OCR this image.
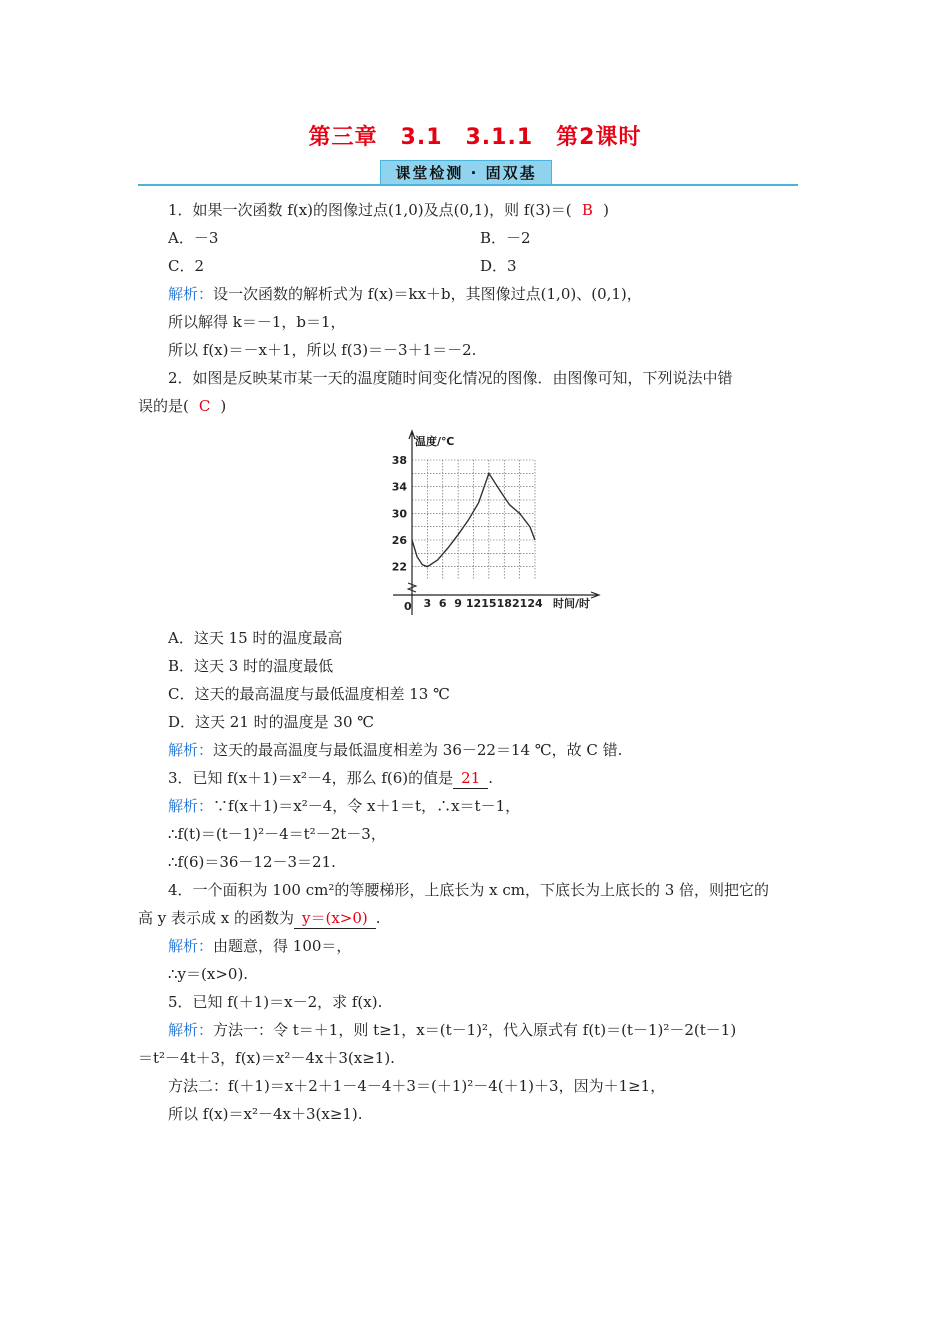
第三章　3.1　3.1.1　第2课时
课堂检测 · 固双基
1．如果一次函数 f(x)的图像过点(1,0)及点(0,1)，则 f(3)＝( B )
A．－3	B．－2
C．2	D．3
解析：设一次函数的解析式为 f(x)＝kx＋b，其图像过点(1,0)、(0,1)，
所以解得 k＝－1，b＝1，
所以 f(x)＝－x＋1，所以 f(3)＝－3＋1＝－2.
2．如图是反映某市某一天的温度随时间变化情况的图像．由图像可知，下列说法中错
误的是( C )
3 6 9 12 15 18 21 24
22
26
30
34
38
温度/℃
时间/时
0
A．这天 15 时的温度最高
B．这天 3 时的温度最低
C．这天的最高温度与最低温度相差 13 ℃
D．这天 21 时的温度是 30 ℃
解析：这天的最高温度与最低温度相差为 36－22＝14 ℃，故 C 错.
3．已知 f(x＋1)＝x²－4，那么 f(6)的值是 21 .
解析：∵f(x＋1)＝x²－4，令 x＋1＝t，∴x＝t－1，
∴f(t)＝(t－1)²－4＝t²－2t－3，
∴f(6)＝36－12－3＝21.
4．一个面积为 100 cm²的等腰梯形，上底长为 x cm，下底长为上底长的 3 倍，则把它的
高 y 表示成 x 的函数为 y＝(x>0) .
解析：由题意，得 100＝，
∴y＝(x>0).
5．已知 f(＋1)＝x－2，求 f(x).
解析：方法一：令 t＝＋1，则 t≥1，x＝(t－1)²，代入原式有 f(t)＝(t－1)²－2(t－1)
＝t²－4t＋3，f(x)＝x²－4x＋3(x≥1).
方法二：f(＋1)＝x＋2＋1－4－4＋3＝(＋1)²－4(＋1)＋3，因为＋1≥1，
所以 f(x)＝x²－4x＋3(x≥1).
